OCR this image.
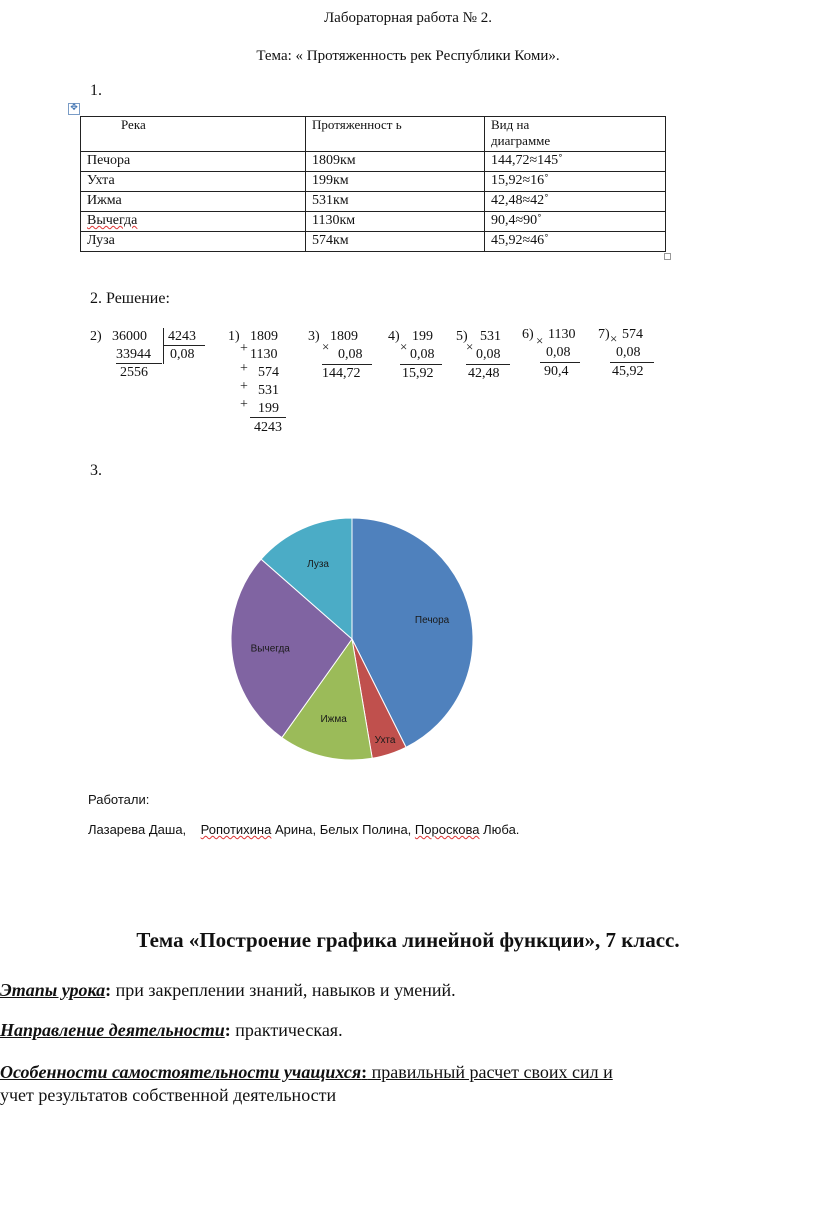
Лабораторная работа № 2.
Тема: « Протяженность рек Республики Коми».
1.
✥
Река	Протяженност ь	Вид на диаграмме

Печора	1809км	144,72≈145˚
Ухта	199км	15,92≈16˚
Ижма	531км	42,48≈42˚
Вычегда	1130км	90,4≈90˚
Луза	574км	45,92≈46˚
2. Решение:
2) 36000
33944
2556
4243
0,08
1) 1809
+ 1130
+ 574
+ 531
+ 199
4243
3) 1809
×
0,08
144,72
4) 199
×
0,08
15,92
5) 531
×
0,08
42,48
6) 1130
×
0,08
90,4
7) 574
×
0,08
45,92
3.
Печора
Ухта
Ижма
Вычегда
Луза
Работали:
Лазарева Даша, Ропотихина Арина, Белых Полина, Пороскова Люба.
Тема «Построение графика линейной функции», 7 класс.
Этапы урока: при закреплении знаний, навыков и умений.
Направление деятельности: практическая.
Особенности самостоятельности учащихся: правильный расчет своих сил и
учет результатов собственной деятельности
